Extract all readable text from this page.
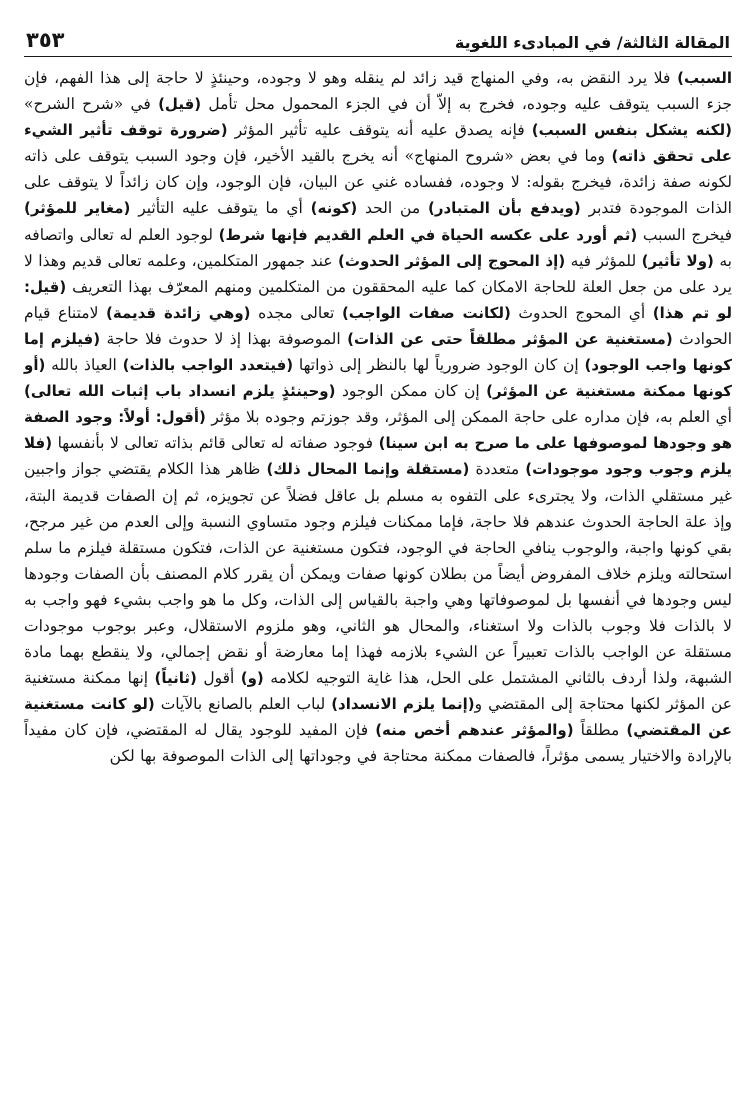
٣٥٣	المقالة الثالثة/ في المبادىء اللغوية

السبب) فلا يرد النقض به، وفي المنهاج قيد زائد لم ينقله وهو لا وجوده، وحينئذٍ لا حاجة إلى هذا الفهم، فإن جزء السبب يتوقف عليه وجوده، فخرج به إلاّ أن في الجزء المحمول محل تأمل (قيل) في «شرح الشرح» (لكنه يشكل بنفس السبب) فإنه يصدق عليه أنه يتوقف عليه تأثير المؤثر (ضرورة توقف تأثير الشيء على تحقق ذاته) وما في بعض «شروح المنهاج» أنه يخرج بالقيد الأخير، فإن وجود السبب يتوقف على ذاته لكونه صفة زائدة، فيخرج بقوله: لا وجوده، ففساده غني عن البيان، فإن الوجود، وإن كان زائداً لا يتوقف على الذات الموجودة فتدبر (ويدفع بأن المتبادر) من الحد (كونه) أي ما يتوقف عليه التأثير (مغاير للمؤثر) فيخرج السبب (ثم أورد على عكسه الحياة في العلم القديم فإنها شرط) لوجود العلم له تعالى واتصافه به (ولا تأثير) للمؤثر فيه (إذ المحوج إلى المؤثر الحدوث) عند جمهور المتكلمين، وعلمه تعالى قديم وهذا لا يرد على من جعل العلة للحاجة الامكان كما عليه المحققون من المتكلمين ومنهم المعرّف بهذا التعريف (قيل: لو تم هذا) أي المحوج الحدوث (لكانت صفات الواجب) تعالى مجده (وهي زائدة قديمة) لامتناع قيام الحوادث (مستغنية عن المؤثر مطلقاً حتى عن الذات) الموصوفة بهذا إذ لا حدوث فلا حاجة (فيلزم إما كونها واجب الوجود) إن كان الوجود ضرورياً لها بالنظر إلى ذواتها (فيتعدد الواجب بالذات) العياذ بالله (أو كونها ممكنة مستغنية عن المؤثر) إن كان ممكن الوجود (وحينئذٍ يلزم انسداد باب إثبات الله تعالى) أي العلم به، فإن مداره على حاجة الممكن إلى المؤثر، وقد جوزتم وجوده بلا مؤثر (أقول: أولاً: وجود الصفة هو وجودها لموصوفها على ما صرح به ابن سينا) فوجود صفاته له تعالى قائم بذاته تعالى لا بأنفسها (فلا يلزم وجوب وجود موجودات) متعددة (مستقلة وإنما المحال ذلك) ظاهر هذا الكلام يقتضي جواز واجبين غير مستقلي الذات، ولا يجترىء على التفوه به مسلم بل عاقل فضلاً عن تجويزه، ثم إن الصفات قديمة البتة، وإذ علة الحاجة الحدوث عندهم فلا حاجة، فإما ممكنات فيلزم وجود متساوي النسبة وإلى العدم من غير مرجح، بقي كونها واجبة، والوجوب ينافي الحاجة في الوجود، فتكون مستغنية عن الذات، فتكون مستقلة فيلزم ما سلم استحالته ويلزم خلاف المفروض أيضاً من بطلان كونها صفات ويمكن أن يقرر كلام المصنف بأن الصفات وجودها ليس وجودها في أنفسها بل لموصوفاتها وهي واجبة بالقياس إلى الذات، وكل ما هو واجب بشيء فهو واجب به لا بالذات فلا وجوب بالذات ولا استغناء، والمحال هو الثاني، وهو ملزوم الاستقلال، وعبر بوجوب موجودات مستقلة عن الواجب بالذات تعبيراً عن الشيء بلازمه فهذا إما معارضة أو نقض إجمالي، ولا ينقطع بهما مادة الشبهة، ولذا أردف بالثاني المشتمل على الحل، هذا غاية التوجيه لكلامه (و) أقول (ثانياً) إنها ممكنة مستغنية عن المؤثر لكنها محتاجة إلى المقتضي و(إنما يلزم الانسداد) لباب العلم بالصانع بالآيات (لو كانت مستغنية عن المقتضي) مطلقاً (والمؤثر عندهم أخص منه) فإن المفيد للوجود يقال له المقتضي، فإن كان مفيداً بالإرادة والاختيار يسمى مؤثراً، فالصفات ممكنة محتاجة في وجوداتها إلى الذات الموصوفة بها لكن
